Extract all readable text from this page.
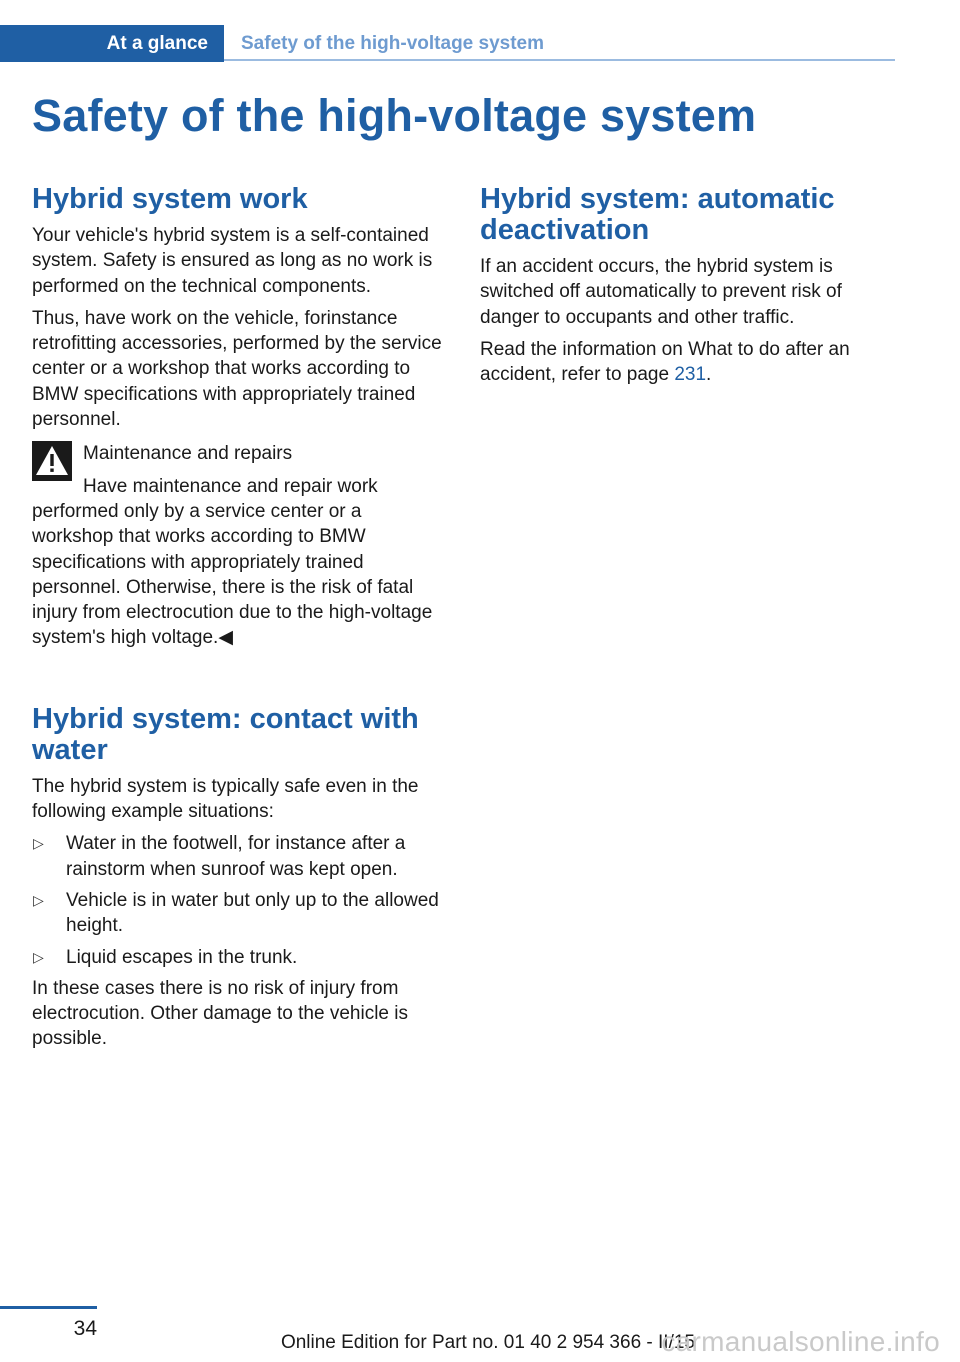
At a glance Safety of the high-voltage system
Safety of the high-voltage system
Hybrid system work

Your vehicle's hybrid system is a self-contained system. Safety is ensured as long as no work is performed on the technical components.

Thus, have work on the vehicle, forinstance retrofitting accessories, performed by the service center or a workshop that works according to BMW specifications with appropriately trained personnel.

Maintenance and repairs

Have maintenance and repair work performed only by a service center or a workshop that works according to BMW specifications with appropriately trained personnel. Otherwise, there is the risk of fatal injury from electrocution due to the high-voltage system's high voltage.◀

Hybrid system: contact with water

The hybrid system is typically safe even in the following example situations:

▷ Water in the footwell, for instance after a rainstorm when sunroof was kept open.
▷ Vehicle is in water but only up to the allowed height.
▷ Liquid escapes in the trunk.

In these cases there is no risk of injury from electrocution. Other damage to the vehicle is possible.

Hybrid system: automatic deactivation

If an accident occurs, the hybrid system is switched off automatically to prevent risk of danger to occupants and other traffic.

Read the information on What to do after an accident, refer to page 231.

34
Online Edition for Part no. 01 40 2 954 366 - II/15
carmanualsonline.info
